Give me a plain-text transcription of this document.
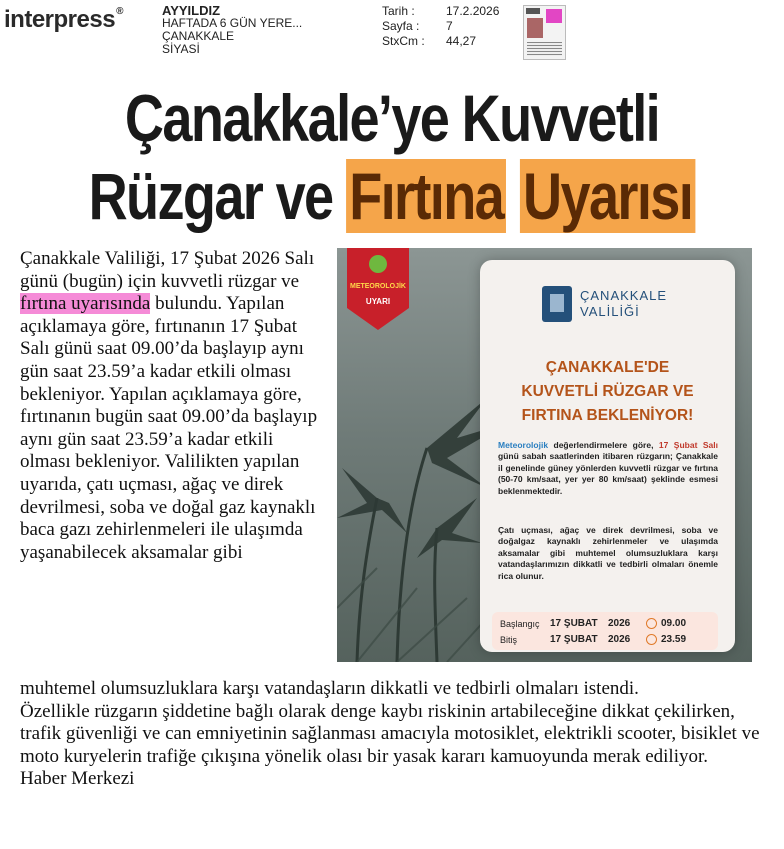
interpress®	AYYILDIZ
HAFTADA 6 GÜN YERE...
ÇANAKKALE
SİYASİ
Tarih :	17.2.2026
Sayfa :	7
StxCm :	44,27
Çanakkale’ye Kuvvetli
Rüzgar ve Fırtına Uyarısı

Çanakkale Valiliği, 17 Şubat 2026 Salı günü (bugün) için kuvvetli rüzgar ve fırtına uyarısında bulundu. Yapılan açıklamaya göre, fırtınanın 17 Şubat Salı günü saat 09.00’da başlayıp aynı gün saat 23.59’a kadar etkili olması bekleniyor. Yapılan açıklamaya göre, fırtınanın bugün saat 09.00’da başlayıp aynı gün saat 23.59’a kadar etkili olması bekleniyor. Valilikten yapılan uyarıda, çatı uçması, ağaç ve direk devrilmesi, soba ve doğal gaz kaynaklı baca gazı zehirlenmeleri ile ulaşımda yaşanabilecek aksamalar gibi

muhtemel olumsuzluklara karşı vatandaşların dikkatli ve tedbirli olmaları istendi.

Özellikle rüzgarın şiddetine bağlı olarak denge kaybı riskinin artabileceğine dikkat çekilirken, trafik güvenliği ve can emniyetinin sağlanması amacıyla motosiklet, elektrikli scooter, bisiklet ve moto kuryelerin trafiğe çıkışına yönelik olası bir yasak kararı kamuoyunda merak ediliyor.

Haber Merkezi

METEOROLOJİK
UYARI	ÇANAKKALE
VALİLİĞİ
ÇANAKKALE'DE
KUVVETLİ RÜZGAR VE
FIRTINA BEKLENİYOR!
Meteorolojik değerlendirmelere göre, 17 Şubat Salı günü sabah saatlerinden itibaren rüzgarın; Çanakkale il genelinde güney yönlerden kuvvetli rüzgar ve fırtına (50-70 km/saat, yer yer 80 km/saat) şeklinde esmesi beklenmektedir.
Çatı uçması, ağaç ve direk devrilmesi, soba ve doğalgaz kaynaklı zehirlenmeler ve ulaşımda aksamalar gibi muhtemel olumsuzluklara karşı vatandaşlarımızın dikkatli ve tedbirli olmaları önemle rica olunur.
Başlangıç	17 ŞUBAT	2026	09.00
Bitiş	17 ŞUBAT	2026	23.59
